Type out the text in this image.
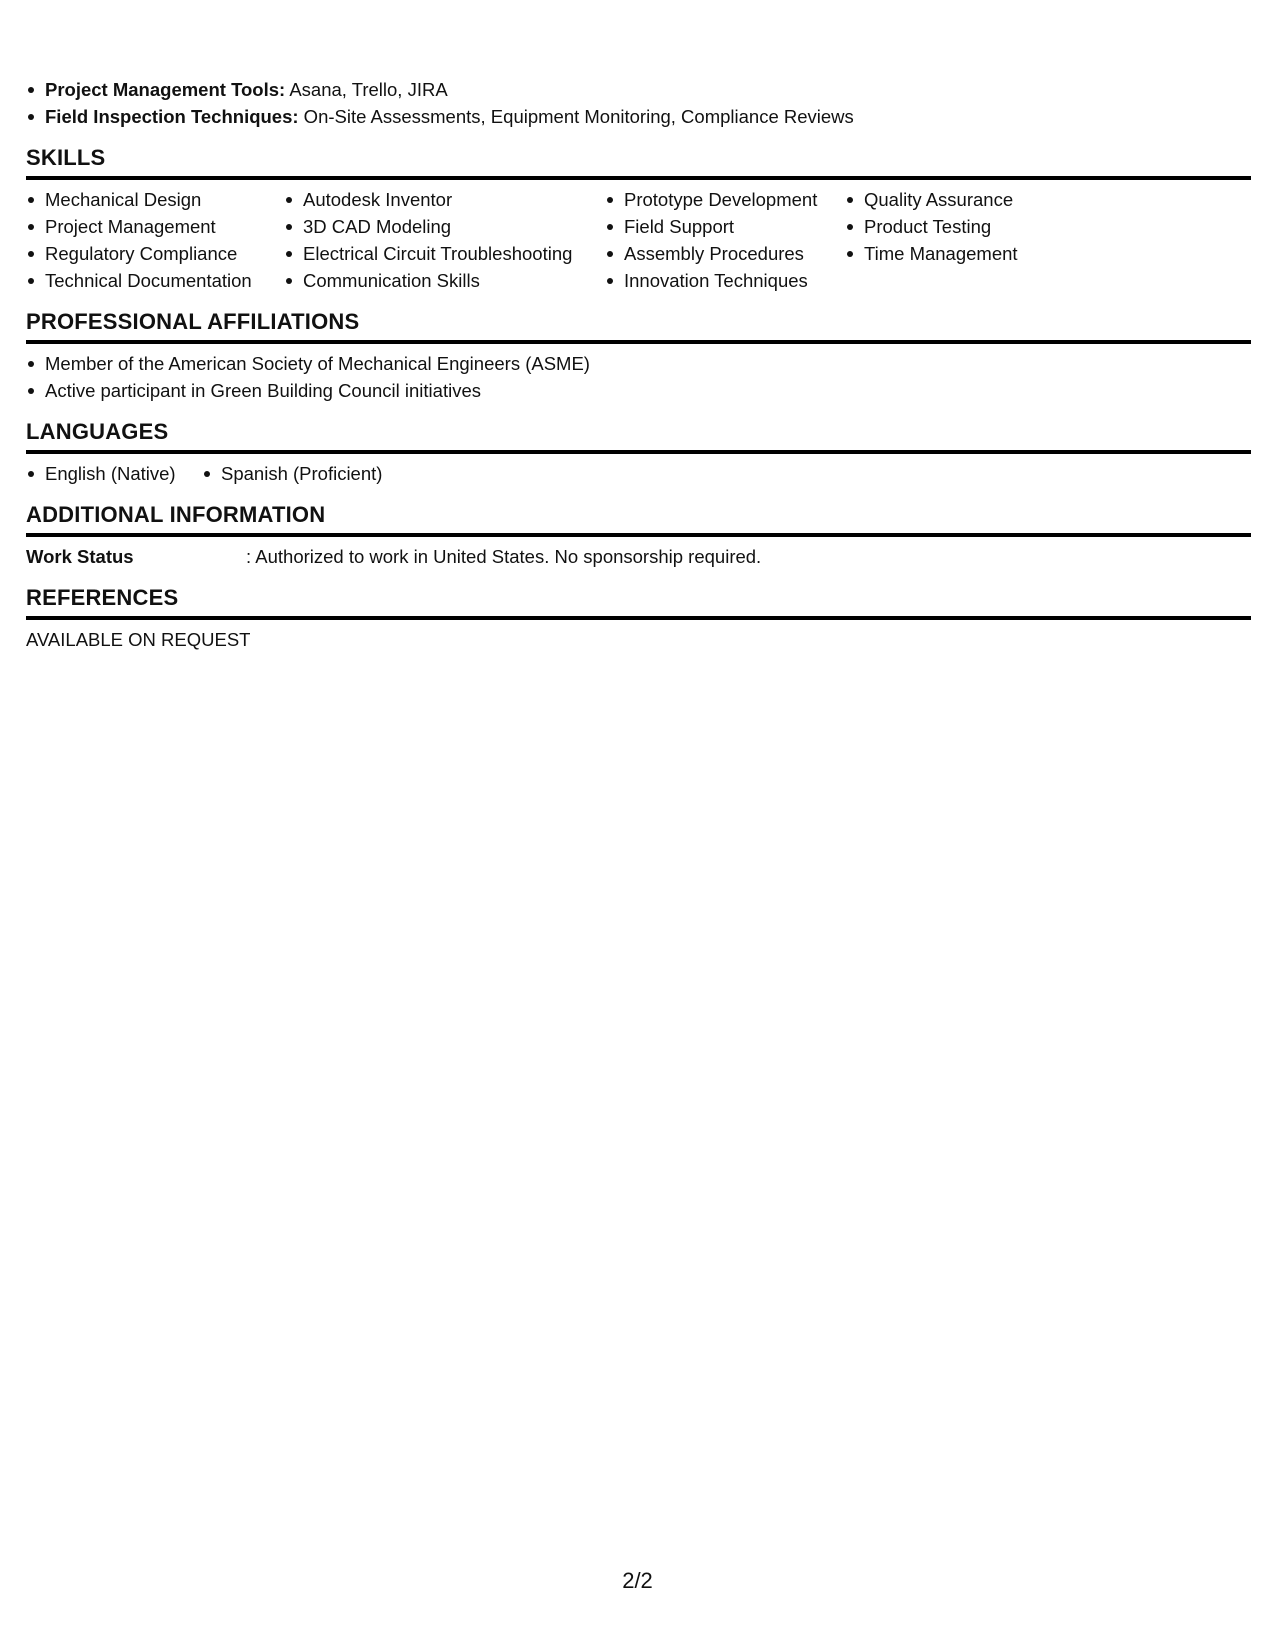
Project Management Tools: Asana, Trello, JIRA
Field Inspection Techniques: On-Site Assessments, Equipment Monitoring, Compliance Reviews
SKILLS
Mechanical Design
Project Management
Regulatory Compliance
Technical Documentation
Autodesk Inventor
3D CAD Modeling
Electrical Circuit Troubleshooting
Communication Skills
Prototype Development
Field Support
Assembly Procedures
Innovation Techniques
Quality Assurance
Product Testing
Time Management
PROFESSIONAL AFFILIATIONS
Member of the American Society of Mechanical Engineers (ASME)
Active participant in Green Building Council initiatives
LANGUAGES
English (Native)	Spanish (Proficient)
ADDITIONAL INFORMATION
Work Status	: Authorized to work in United States. No sponsorship required.
REFERENCES
AVAILABLE ON REQUEST
2/2
